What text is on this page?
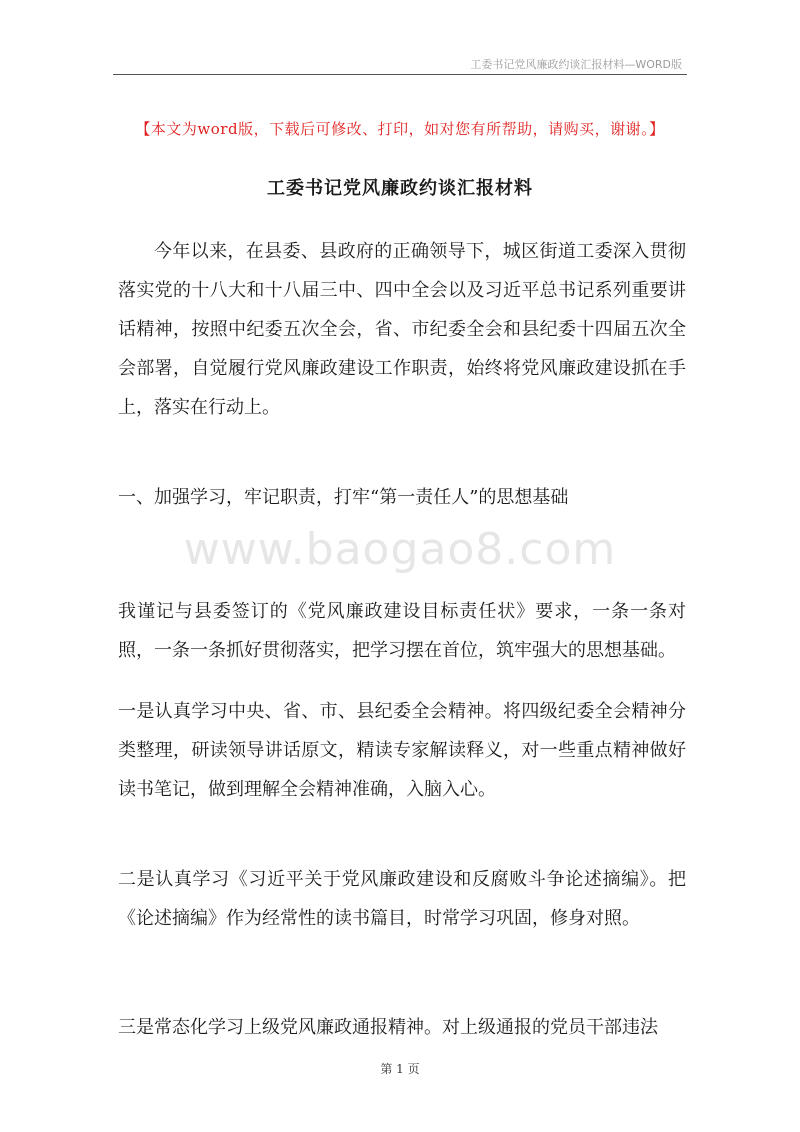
工委书记党风廉政约谈汇报材料—WORD版
【本文为word版，下载后可修改、打印，如对您有所帮助，请购买，谢谢。】
工委书记党风廉政约谈汇报材料
今年以来，在县委、县政府的正确领导下，城区街道工委深入贯彻落实党的十八大和十八届三中、四中全会以及习近平总书记系列重要讲话精神，按照中纪委五次全会，省、市纪委全会和县纪委十四届五次全会部署，自觉履行党风廉政建设工作职责，始终将党风廉政建设抓在手上，落实在行动上。
一、加强学习，牢记职责，打牢“第一责任人”的思想基础
www.baogao8.com
我谨记与县委签订的《党风廉政建设目标责任状》要求，一条一条对照，一条一条抓好贯彻落实，把学习摆在首位，筑牢强大的思想基础。
一是认真学习中央、省、市、县纪委全会精神。将四级纪委全会精神分类整理，研读领导讲话原文，精读专家解读释义，对一些重点精神做好读书笔记，做到理解全会精神准确，入脑入心。
二是认真学习《习近平关于党风廉政建设和反腐败斗争论述摘编》。把《论述摘编》作为经常性的读书篇目，时常学习巩固，修身对照。
三是常态化学习上级党风廉政通报精神。对上级通报的党员干部违法
第 1 页
